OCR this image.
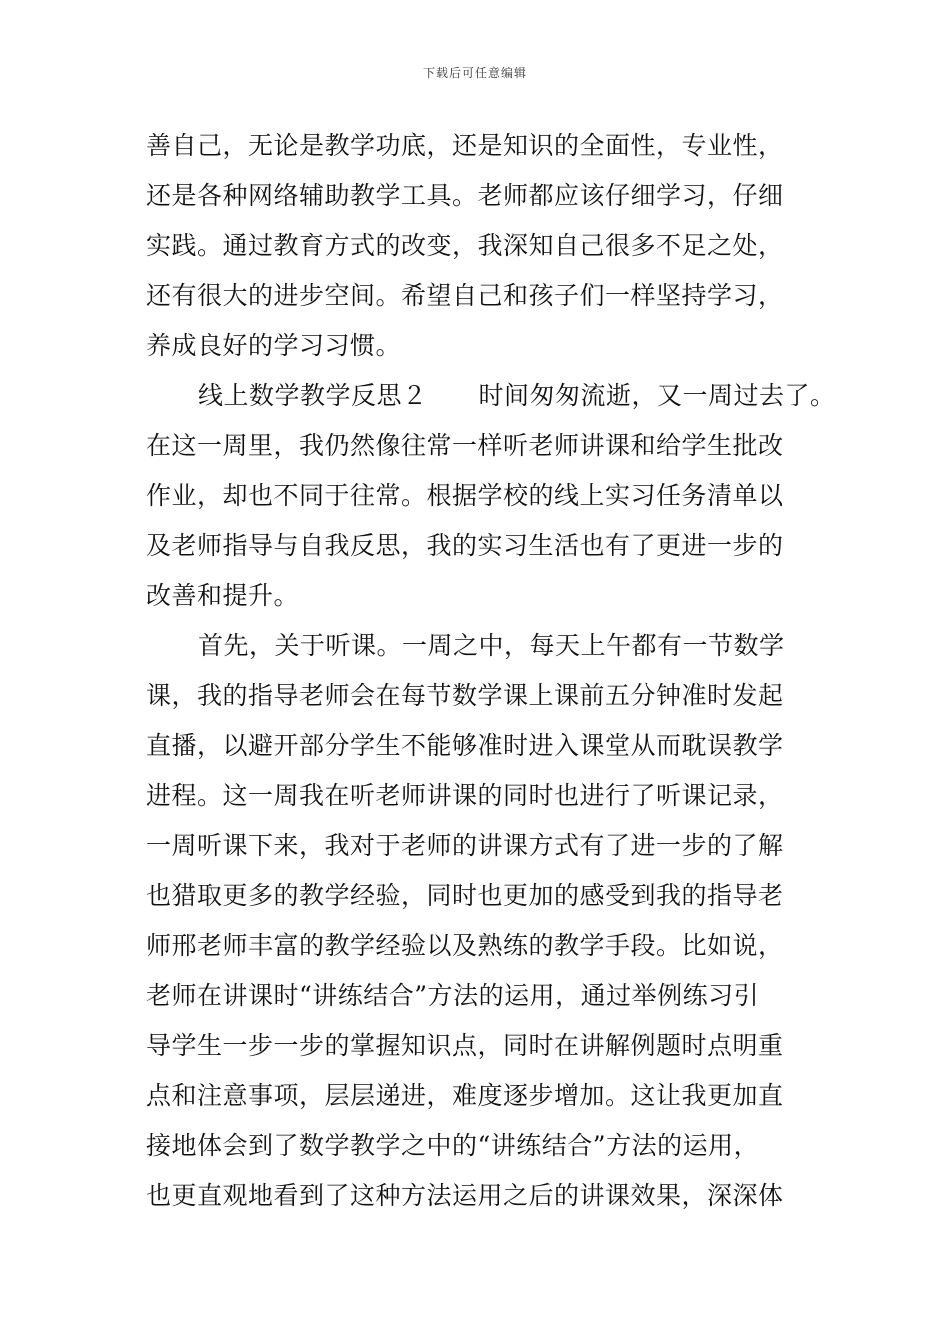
下载后可任意编辑
善自己，无论是教学功底，还是知识的全面性，专业性，
还是各种网络辅助教学工具。老师都应该仔细学习，仔细
实践。通过教育方式的改变，我深知自己很多不足之处，
还有很大的进步空间。希望自己和孩子们一样坚持学习，
养成良好的学习习惯。
线上数学教学反思２　　时间匆匆流逝，又一周过去了。
在这一周里，我仍然像往常一样听老师讲课和给学生批改
作业，却也不同于往常。根据学校的线上实习任务清单以
及老师指导与自我反思，我的实习生活也有了更进一步的
改善和提升。
首先，关于听课。一周之中，每天上午都有一节数学
课，我的指导老师会在每节数学课上课前五分钟准时发起
直播，以避开部分学生不能够准时进入课堂从而耽误教学
进程。这一周我在听老师讲课的同时也进行了听课记录，
一周听课下来，我对于老师的讲课方式有了进一步的了解
也猎取更多的教学经验，同时也更加的感受到我的指导老
师邢老师丰富的教学经验以及熟练的教学手段。比如说，
老师在讲课时“讲练结合”方法的运用，通过举例练习引
导学生一步一步的掌握知识点，同时在讲解例题时点明重
点和注意事项，层层递进，难度逐步增加。这让我更加直
接地体会到了数学教学之中的“讲练结合”方法的运用，
也更直观地看到了这种方法运用之后的讲课效果，深深体
